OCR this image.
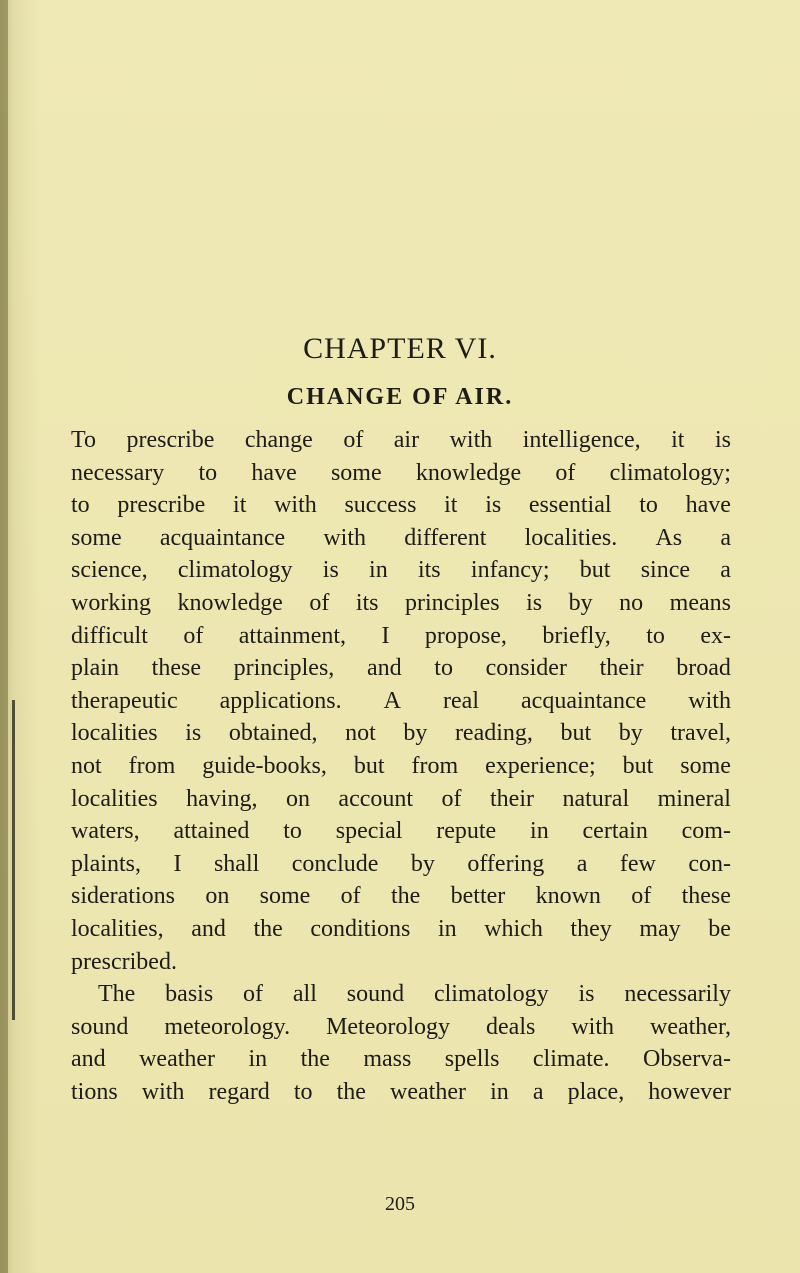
CHAPTER VI.
CHANGE OF AIR.
To prescribe change of air with intelligence, it is
necessary to have some knowledge of climatology;
to prescribe it with success it is essential to have
some acquaintance with different localities. As a
science, climatology is in its infancy; but since a
working knowledge of its principles is by no means
difficult of attainment, I propose, briefly, to ex-
plain these principles, and to consider their broad
therapeutic applications. A real acquaintance with
localities is obtained, not by reading, but by travel,
not from guide-books, but from experience; but some
localities having, on account of their natural mineral
waters, attained to special repute in certain com-
plaints, I shall conclude by offering a few con-
siderations on some of the better known of these
localities, and the conditions in which they may be
prescribed.
The basis of all sound climatology is necessarily
sound meteorology. Meteorology deals with weather,
and weather in the mass spells climate. Observa-
tions with regard to the weather in a place, however
205
